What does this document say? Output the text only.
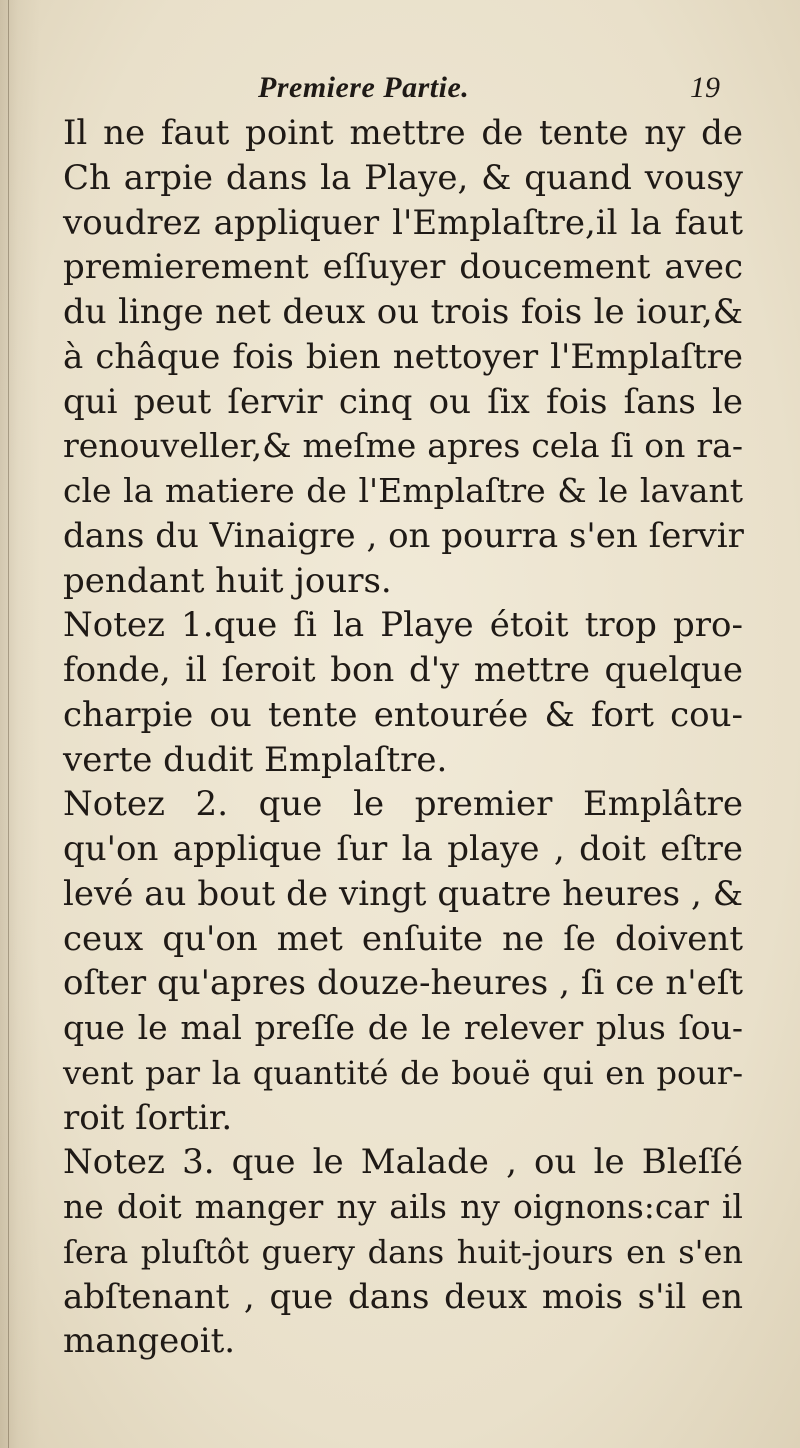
Premiere Partie.	19
Il ne faut point mettre de tente ny de
Ch arpie dans la Playe, & quand vousy
voudrez appliquer l'Emplaſtre,il la faut
premierement eſſuyer doucement avec
du linge net deux ou trois fois le iour,&
à châque fois bien nettoyer l'Emplaſtre
qui peut ſervir cinq ou ſix fois ſans le
renouveller,& meſme apres cela ſi on ra-
cle la matiere de l'Emplaſtre & le lavant
dans du Vinaigre , on pourra s'en ſervir
pendant huit jours.
Notez 1.que ſi la Playe étoit trop pro-
fonde, il ſeroit bon d'y mettre quelque
charpie ou tente entourée & fort cou-
verte dudit Emplaſtre.
Notez 2. que le premier Emplâtre
qu'on applique ſur la playe , doit eſtre
levé au bout de vingt quatre heures , &
ceux qu'on met enſuite ne ſe doivent
oſter qu'apres douze-heures , ſi ce n'eſt
que le mal preſſe de le relever plus ſou-
vent par la quantité de bouë qui en pour-
roit ſortir.
Notez 3. que le Malade , ou le Bleſſé
ne doit manger ny ails ny oignons:car il
ſera pluſtôt guery dans huit-jours en s'en
abſtenant , que dans deux mois s'il en
mangeoit.
